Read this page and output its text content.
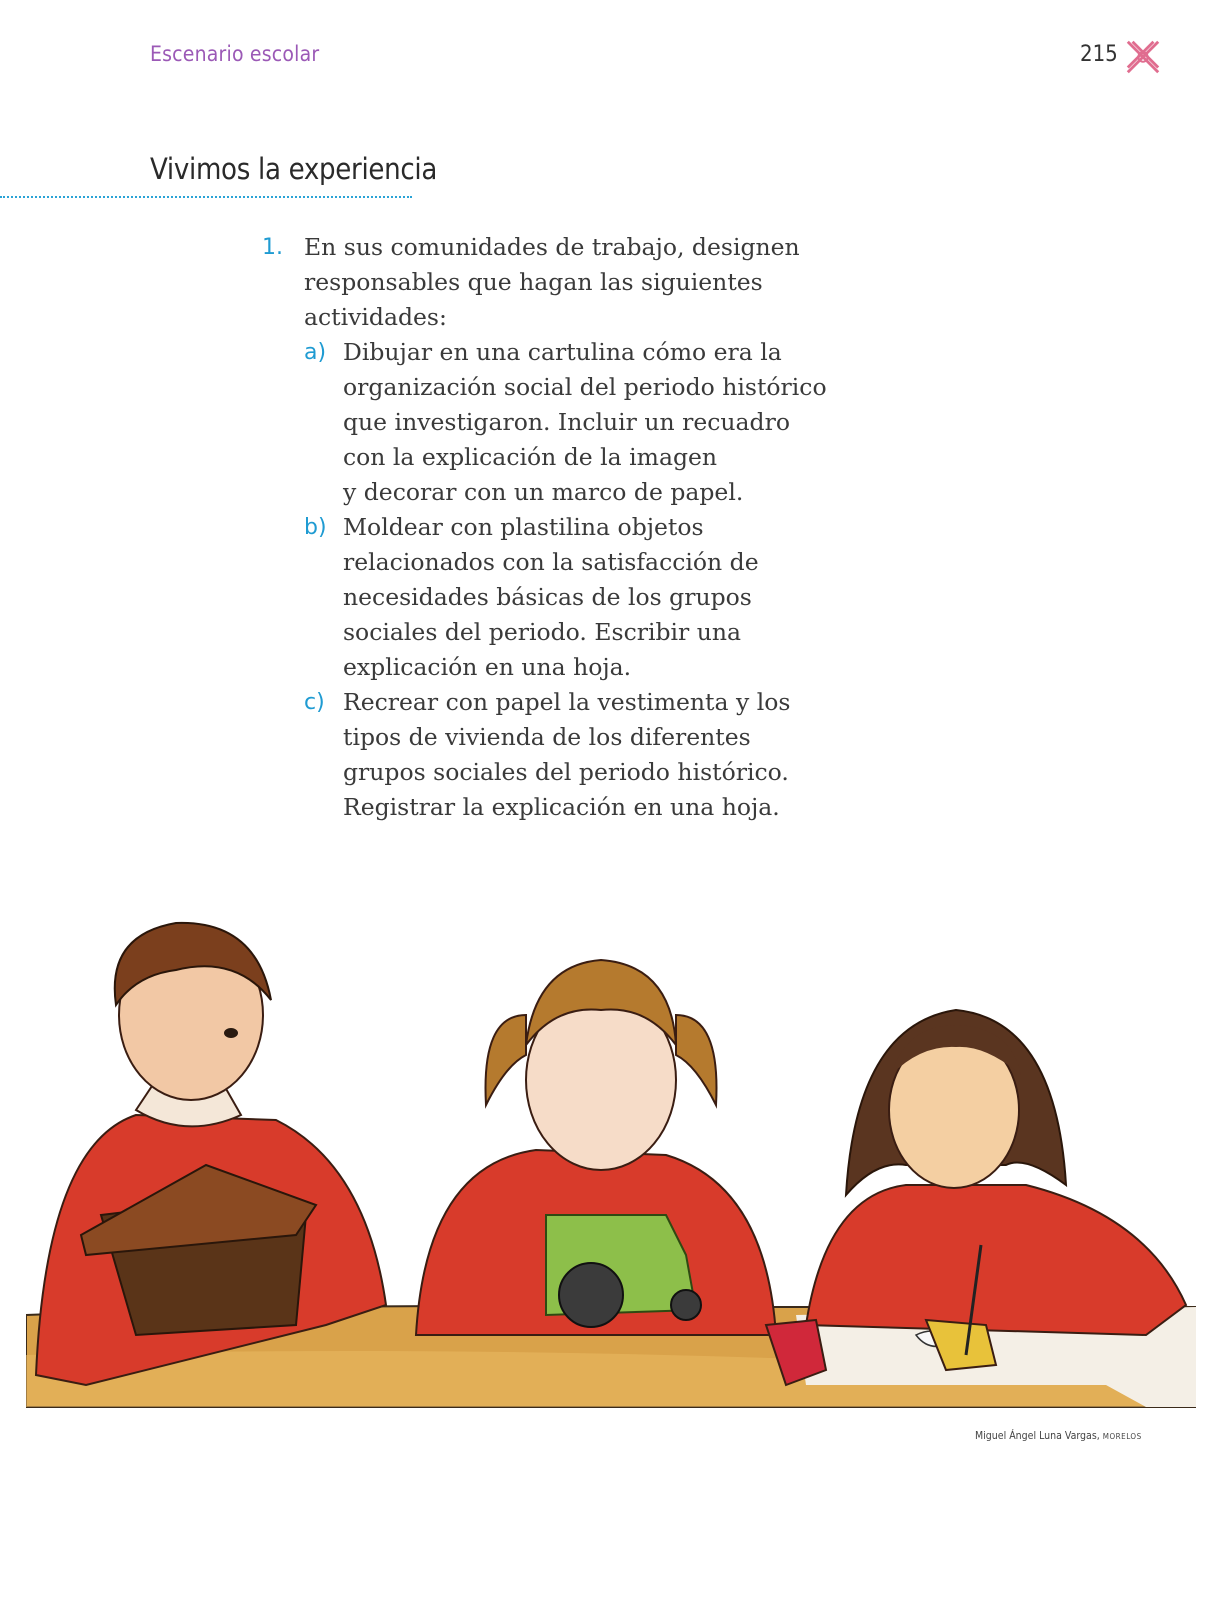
Escenario escolar	215
Vivimos la experiencia
1. En sus comunidades de trabajo, designen
responsables que hagan las siguientes
actividades:
a) Dibujar en una cartulina cómo era la
organización social del periodo histórico
que investigaron. Incluir un recuadro
con la explicación de la imagen
y decorar con un marco de papel.
b) Moldear con plastilina objetos
relacionados con la satisfacción de
necesidades básicas de los grupos
sociales del periodo. Escribir una
explicación en una hoja.
c) Recrear con papel la vestimenta y los
tipos de vivienda de los diferentes
grupos sociales del periodo histórico.
Registrar la explicación en una hoja.
Miguel Ángel Luna Vargas, MORELOS
